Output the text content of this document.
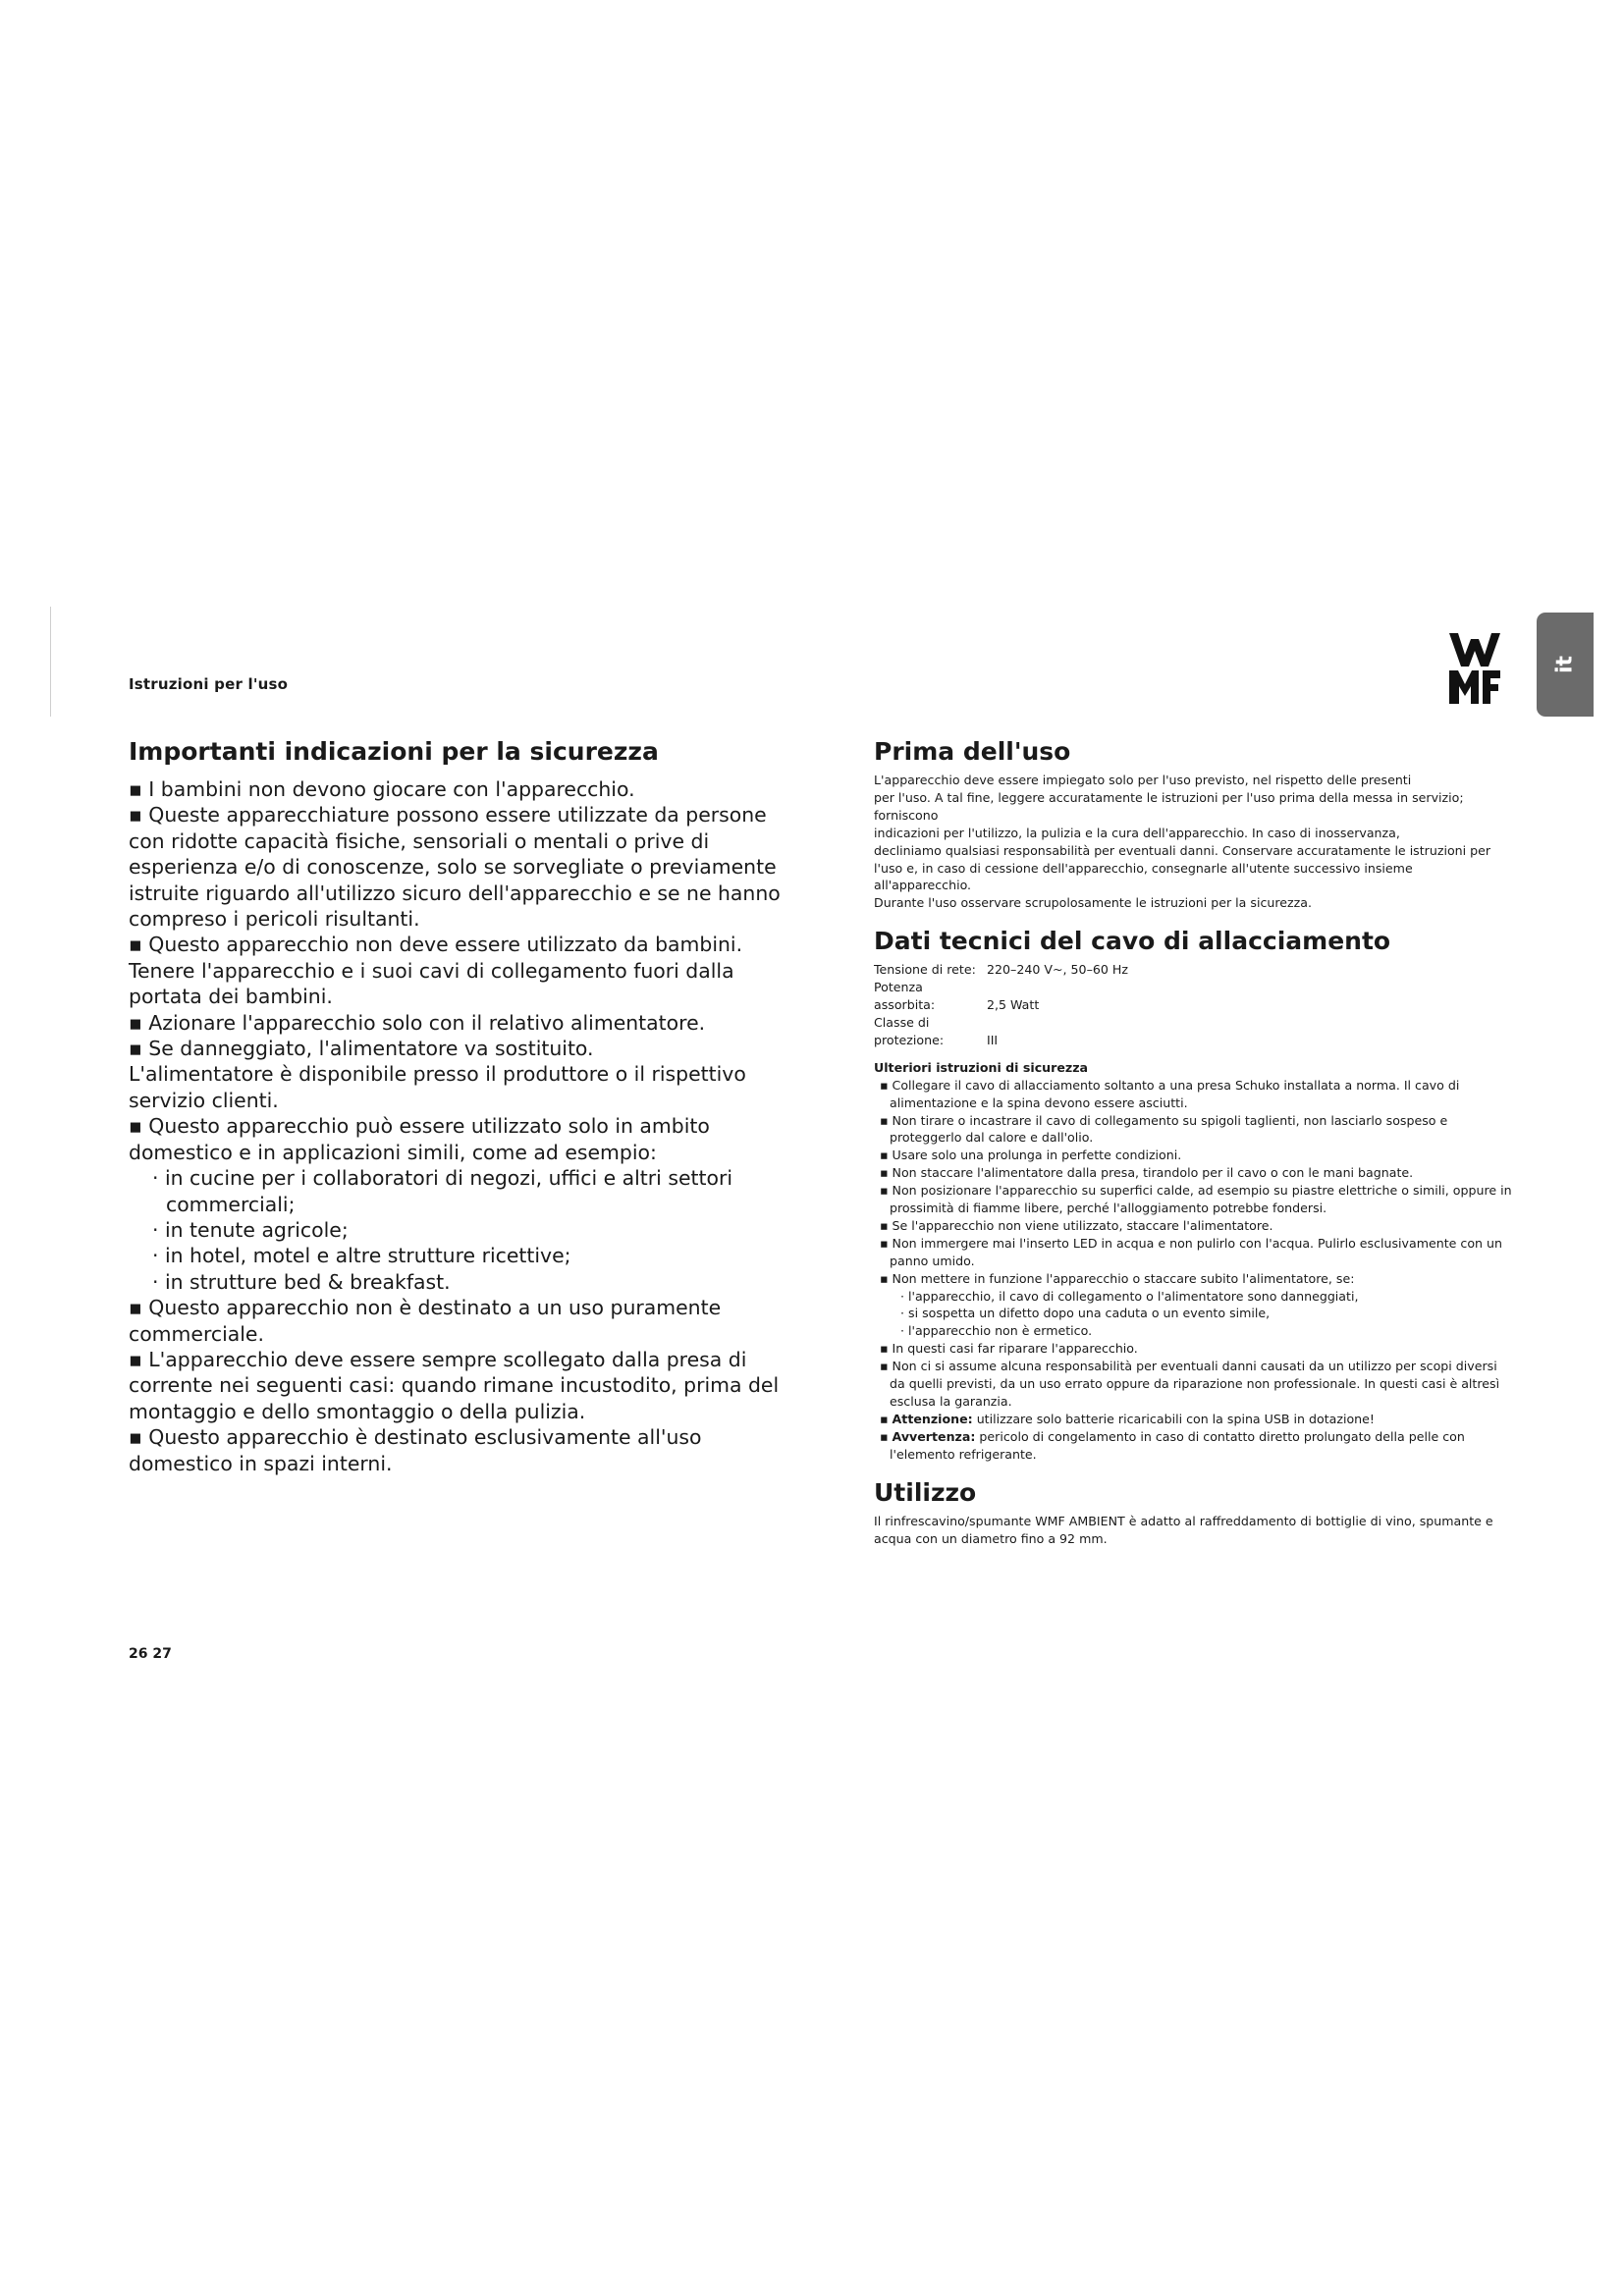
Istruzioni per l'uso
it
Importanti indicazioni per la sicurezza

▪ I bambini non devono giocare con l'apparecchio.

▪ Queste apparecchiature possono essere utilizzate da persone con ridotte capacità fisiche, sensoriali o mentali o prive di esperienza e/o di conoscenze, solo se sorvegliate o previamente istruite riguardo all'utilizzo sicuro dell'apparecchio e se ne hanno compreso i pericoli risultanti.

▪ Questo apparecchio non deve essere utilizzato da bambini. Tenere l'apparecchio e i suoi cavi di collegamento fuori dalla portata dei bambini.

▪ Azionare l'apparecchio solo con il relativo alimentatore.

▪ Se danneggiato, l'alimentatore va sostituito.

L'alimentatore è disponibile presso il produttore o il rispettivo servizio clienti.

▪ Questo apparecchio può essere utilizzato solo in ambito domestico e in applicazioni simili, come ad esempio:

· in cucine per i collaboratori di negozi, uffici e altri settori commerciali;

· in tenute agricole;

· in hotel, motel e altre strutture ricettive;

· in strutture bed & breakfast.

▪ Questo apparecchio non è destinato a un uso puramente commerciale.

▪ L'apparecchio deve essere sempre scollegato dalla presa di corrente nei seguenti casi: quando rimane incustodito, prima del montaggio e dello smontaggio o della pulizia.

▪ Questo apparecchio è destinato esclusivamente all'uso domestico in spazi interni.

Prima dell'uso

L'apparecchio deve essere impiegato solo per l'uso previsto, nel rispetto delle presenti

per l'uso. A tal fine, leggere accuratamente le istruzioni per l'uso prima della messa in servizio; forniscono

indicazioni per l'utilizzo, la pulizia e la cura dell'apparecchio. In caso di inosservanza,

decliniamo qualsiasi responsabilità per eventuali danni. Conservare accuratamente le istruzioni per l'uso e, in caso di cessione dell'apparecchio, consegnarle all'utente successivo insieme all'apparecchio.

Durante l'uso osservare scrupolosamente le istruzioni per la sicurezza.

Dati tecnici del cavo di allacciamento

Tensione di rete: 220–240 V~, 50–60 Hz

Potenza assorbita:	2,5 Watt

Classe di protezione:	III

Ulteriori istruzioni di sicurezza

▪ Collegare il cavo di allacciamento soltanto a una presa Schuko installata a norma. Il cavo di alimentazione e la spina devono essere asciutti.

▪ Non tirare o incastrare il cavo di collegamento su spigoli taglienti, non lasciarlo sospeso e proteggerlo dal calore e dall'olio.

▪ Usare solo una prolunga in perfette condizioni.

▪ Non staccare l'alimentatore dalla presa, tirandolo per il cavo o con le mani bagnate.

▪ Non posizionare l'apparecchio su superfici calde, ad esempio su piastre elettriche o simili, oppure in prossimità di fiamme libere, perché l'alloggiamento potrebbe fondersi.

▪ Se l'apparecchio non viene utilizzato, staccare l'alimentatore.

▪ Non immergere mai l'inserto LED in acqua e non pulirlo con l'acqua. Pulirlo esclusivamente con un panno umido.

▪ Non mettere in funzione l'apparecchio o staccare subito l'alimentatore, se:

· l'apparecchio, il cavo di collegamento o l'alimentatore sono danneggiati,

· si sospetta un difetto dopo una caduta o un evento simile,

· l'apparecchio non è ermetico.

▪ In questi casi far riparare l'apparecchio.

▪ Non ci si assume alcuna responsabilità per eventuali danni causati da un utilizzo per scopi diversi da quelli previsti, da un uso errato oppure da riparazione non professionale. In questi casi è altresì esclusa la garanzia.

▪ Attenzione: utilizzare solo batterie ricaricabili con la spina USB in dotazione!

▪ Avvertenza: pericolo di congelamento in caso di contatto diretto prolungato della pelle con l'elemento refrigerante.

Utilizzo
Il rinfrescavino/spumante WMF AMBIENT è adatto al raffreddamento di bottiglie di vino, spumante e acqua con un diametro fino a 92 mm.
26 27
